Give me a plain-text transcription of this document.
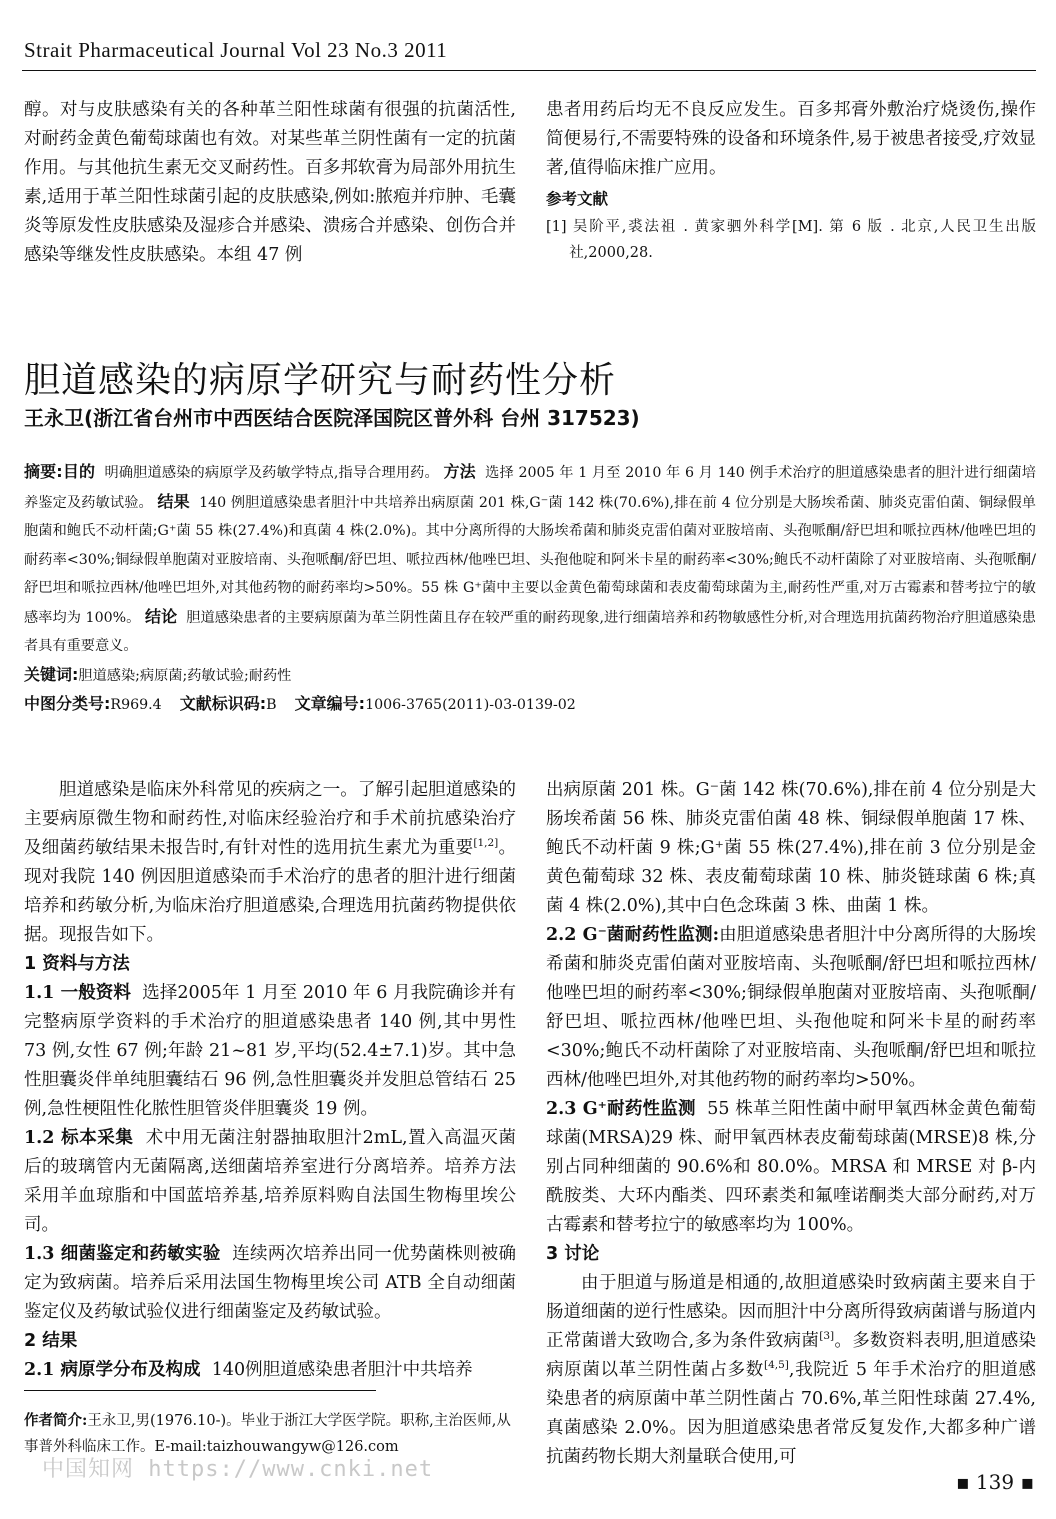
Strait Pharmaceutical Journal Vol 23 No.3 2011

醇。对与皮肤感染有关的各种革兰阳性球菌有很强的抗菌活性,对耐药金黄色葡萄球菌也有效。对某些革兰阴性菌有一定的抗菌作用。与其他抗生素无交叉耐药性。百多邦软膏为局部外用抗生素,适用于革兰阳性球菌引起的皮肤感染,例如:脓疱并疖肿、毛囊炎等原发性皮肤感染及湿疹合并感染、溃疡合并感染、创伤合并感染等继发性皮肤感染。本组 47 例

患者用药后均无不良反应发生。百多邦膏外敷治疗烧烫伤,操作简便易行,不需要特殊的设备和环境条件,易于被患者接受,疗效显著,值得临床推广应用。

参考文献

[1] 吴阶平,裘法祖 . 黄家驷外科学[M]. 第 6 版 . 北京,人民卫生出版社,2000,28.

胆道感染的病原学研究与耐药性分析
王永卫(浙江省台州市中西医结合医院泽国院区普外科 台州 317523)

摘要:目的 明确胆道感染的病原学及药敏学特点,指导合理用药。 方法 选择 2005 年 1 月至 2010 年 6 月 140 例手术治疗的胆道感染患者的胆汁进行细菌培养鉴定及药敏试验。 结果 140 例胆道感染患者胆汁中共培养出病原菌 201 株,G⁻菌 142 株(70.6%),排在前 4 位分别是大肠埃希菌、肺炎克雷伯菌、铜绿假单胞菌和鲍氏不动杆菌;G⁺菌 55 株(27.4%)和真菌 4 株(2.0%)。其中分离所得的大肠埃希菌和肺炎克雷伯菌对亚胺培南、头孢哌酮/舒巴坦和哌拉西林/他唑巴坦的耐药率<30%;铜绿假单胞菌对亚胺培南、头孢哌酮/舒巴坦、哌拉西林/他唑巴坦、头孢他啶和阿米卡星的耐药率<30%;鲍氏不动杆菌除了对亚胺培南、头孢哌酮/舒巴坦和哌拉西林/他唑巴坦外,对其他药物的耐药率均>50%。55 株 G⁺菌中主要以金黄色葡萄球菌和表皮葡萄球菌为主,耐药性严重,对万古霉素和替考拉宁的敏感率均为 100%。 结论 胆道感染患者的主要病原菌为革兰阴性菌且存在较严重的耐药现象,进行细菌培养和药物敏感性分析,对合理选用抗菌药物治疗胆道感染患者具有重要意义。

关键词:胆道感染;病原菌;药敏试验;耐药性

中图分类号:R969.4 文献标识码:B 文章编号:1006-3765(2011)-03-0139-02

胆道感染是临床外科常见的疾病之一。了解引起胆道感染的主要病原微生物和耐药性,对临床经验治疗和手术前抗感染治疗及细菌药敏结果未报告时,有针对性的选用抗生素尤为重要[1,2]。现对我院 140 例因胆道感染而手术治疗的患者的胆汁进行细菌培养和药敏分析,为临床治疗胆道感染,合理选用抗菌药物提供依据。现报告如下。

1 资料与方法

1.1 一般资料 选择2005年 1 月至 2010 年 6 月我院确诊并有完整病原学资料的手术治疗的胆道感染患者 140 例,其中男性 73 例,女性 67 例;年龄 21~81 岁,平均(52.4±7.1)岁。其中急性胆囊炎伴单纯胆囊结石 96 例,急性胆囊炎并发胆总管结石 25 例,急性梗阻性化脓性胆管炎伴胆囊炎 19 例。

1.2 标本采集 术中用无菌注射器抽取胆汁2mL,置入高温灭菌后的玻璃管内无菌隔离,送细菌培养室进行分离培养。培养方法采用羊血琼脂和中国蓝培养基,培养原料购自法国生物梅里埃公司。

1.3 细菌鉴定和药敏实验 连续两次培养出同一优势菌株则被确定为致病菌。培养后采用法国生物梅里埃公司 ATB 全自动细菌鉴定仪及药敏试验仪进行细菌鉴定及药敏试验。

2 结果

2.1 病原学分布及构成 140例胆道感染患者胆汁中共培养

出病原菌 201 株。G⁻菌 142 株(70.6%),排在前 4 位分别是大肠埃希菌 56 株、肺炎克雷伯菌 48 株、铜绿假单胞菌 17 株、鲍氏不动杆菌 9 株;G⁺菌 55 株(27.4%),排在前 3 位分别是金黄色葡萄球 32 株、表皮葡萄球菌 10 株、肺炎链球菌 6 株;真菌 4 株(2.0%),其中白色念珠菌 3 株、曲菌 1 株。

2.2 G⁻菌耐药性监测:由胆道感染患者胆汁中分离所得的大肠埃希菌和肺炎克雷伯菌对亚胺培南、头孢哌酮/舒巴坦和哌拉西林/他唑巴坦的耐药率<30%;铜绿假单胞菌对亚胺培南、头孢哌酮/舒巴坦、哌拉西林/他唑巴坦、头孢他啶和阿米卡星的耐药率<30%;鲍氏不动杆菌除了对亚胺培南、头孢哌酮/舒巴坦和哌拉西林/他唑巴坦外,对其他药物的耐药率均>50%。

2.3 G⁺耐药性监测 55 株革兰阳性菌中耐甲氧西林金黄色葡萄球菌(MRSA)29 株、耐甲氧西林表皮葡萄球菌(MRSE)8 株,分别占同种细菌的 90.6%和 80.0%。MRSA 和 MRSE 对 β-内酰胺类、大环内酯类、四环素类和氟喹诺酮类大部分耐药,对万古霉素和替考拉宁的敏感率均为 100%。

3 讨论

由于胆道与肠道是相通的,故胆道感染时致病菌主要来自于肠道细菌的逆行性感染。因而胆汁中分离所得致病菌谱与肠道内正常菌谱大致吻合,多为条件致病菌[3]。多数资料表明,胆道感染病原菌以革兰阴性菌占多数[4,5],我院近 5 年手术治疗的胆道感染患者的病原菌中革兰阴性菌占 70.6%,革兰阳性球菌 27.4%,真菌感染 2.0%。因为胆道感染患者常反复发作,大都多种广谱抗菌药物长期大剂量联合使用,可

作者简介:王永卫,男(1976.10-)。毕业于浙江大学医学院。职称,主治医师,从事普外科临床工作。E-mail:taizhouwangyw@126.com
中国知网 https://www.cnki.net	▪ 139 ▪
